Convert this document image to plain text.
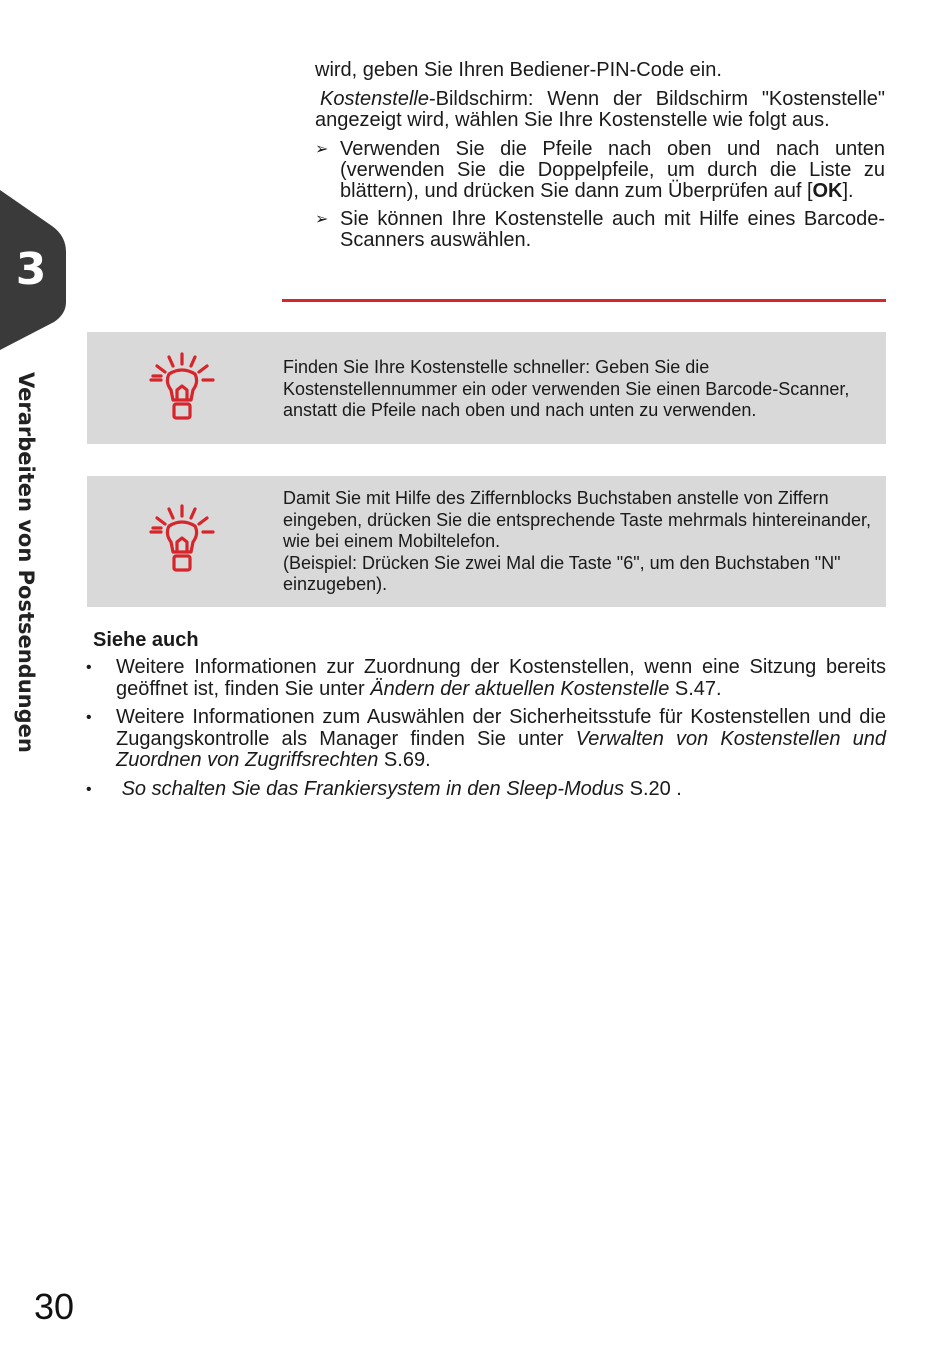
3
Verarbeiten von Postsendungen

wird, geben Sie Ihren Bediener-PIN-Code ein.

Kostenstelle-Bildschirm: Wenn der Bildschirm "Kostenstelle" angezeigt wird, wählen Sie Ihre Kostenstelle wie folgt aus.

➢ Verwenden Sie die Pfeile nach oben und nach unten (verwenden Sie die Doppelpfeile, um durch die Liste zu blättern), und drücken Sie dann zum Überprüfen auf [OK].
➢ Sie können Ihre Kostenstelle auch mit Hilfe eines Barcode-Scanners auswählen.
Finden Sie Ihre Kostenstelle schneller: Geben Sie die Kostenstellennummer ein oder verwenden Sie einen Barcode-Scanner, anstatt die Pfeile nach oben und nach unten zu verwenden.
Damit Sie mit Hilfe des Ziffernblocks Buchstaben anstelle von Ziffern eingeben, drücken Sie die entsprechende Taste mehrmals hintereinander, wie bei einem Mobiltelefon.
(Beispiel: Drücken Sie zwei Mal die Taste "6", um den Buchstaben "N" einzugeben).
Siehe auch
• Weitere Informationen zur Zuordnung der Kostenstellen, wenn eine Sitzung bereits geöffnet ist, finden Sie unter Ändern der aktuellen Kostenstelle S.47.
• Weitere Informationen zum Auswählen der Sicherheitsstufe für Kostenstellen und die Zugangskontrolle als Manager finden Sie unter Verwalten von Kostenstellen und Zuordnen von Zugriffsrechten S.69.
• So schalten Sie das Frankiersystem in den Sleep-Modus S.20 .
30
